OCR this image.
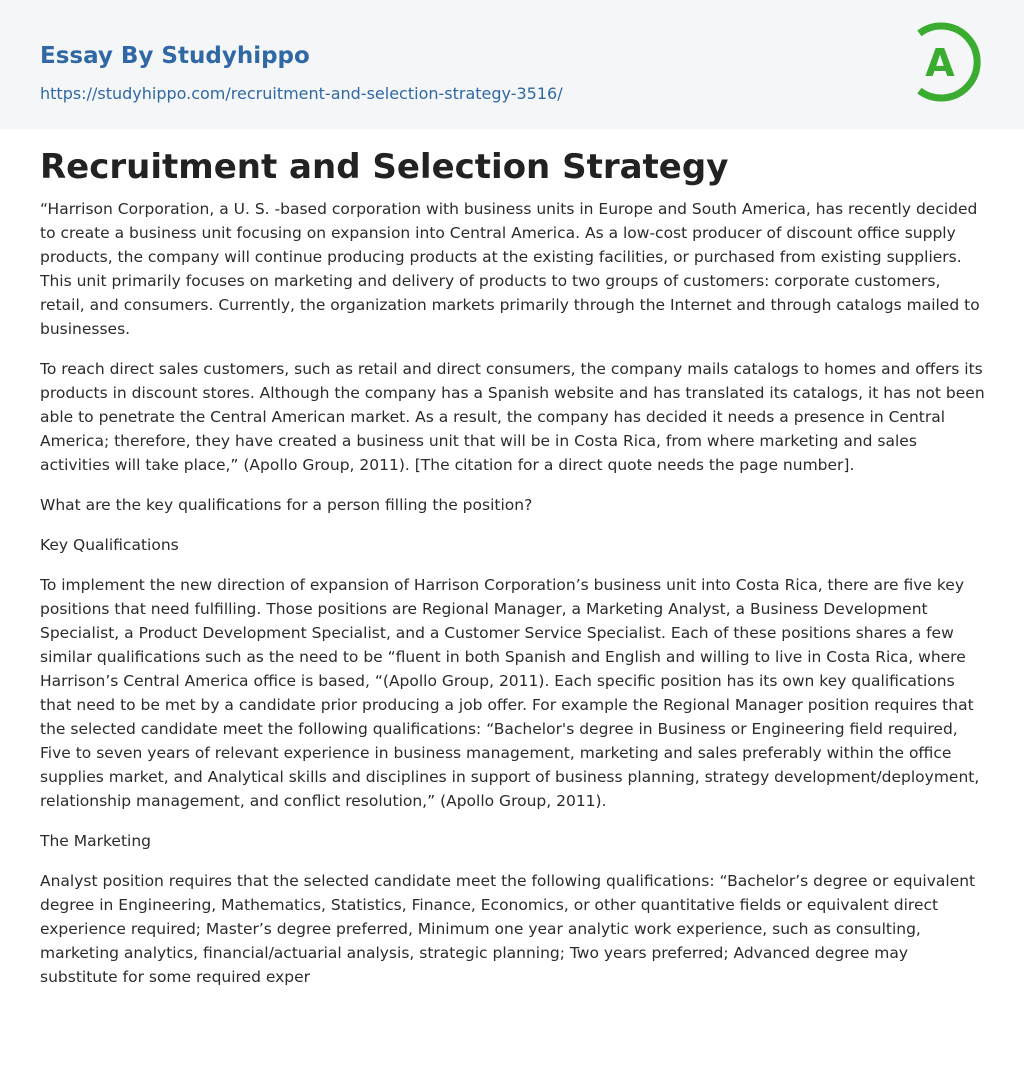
Essay By Studyhippo
https://studyhippo.com/recruitment-and-selection-strategy-3516/
A
Recruitment and Selection Strategy

“Harrison Corporation, a U. S. -based corporation with business units in Europe and South America, has recently decided to create a business unit focusing on expansion into Central America. As a low-cost producer of discount office supply products, the company will continue producing products at the existing facilities, or purchased from existing suppliers. This unit primarily focuses on marketing and delivery of products to two groups of customers: corporate customers, retail, and consumers. Currently, the organization markets primarily through the Internet and through catalogs mailed to businesses.

To reach direct sales customers, such as retail and direct consumers, the company mails catalogs to homes and offers its products in discount stores. Although the company has a Spanish website and has translated its catalogs, it has not been able to penetrate the Central American market. As a result, the company has decided it needs a presence in Central America; therefore, they have created a business unit that will be in Costa Rica, from where marketing and sales activities will take place,” (Apollo Group, 2011). [The citation for a direct quote needs the page number].

What are the key qualifications for a person filling the position?

Key Qualifications

To implement the new direction of expansion of Harrison Corporation’s business unit into Costa Rica, there are five key positions that need fulfilling. Those positions are Regional Manager, a Marketing Analyst, a Business Development Specialist, a Product Development Specialist, and a Customer Service Specialist. Each of these positions shares a few similar qualifications such as the need to be “fluent in both Spanish and English and willing to live in Costa Rica, where Harrison’s Central America office is based, “(Apollo Group, 2011). Each specific position has its own key qualifications that need to be met by a candidate prior producing a job offer. For example the Regional Manager position requires that the selected candidate meet the following qualifications: “Bachelor's degree in Business or Engineering field required, Five to seven years of relevant experience in business management, marketing and sales preferably within the office supplies market, and Analytical skills and disciplines in support of business planning, strategy development/deployment, relationship management, and conflict resolution,” (Apollo Group, 2011).

The Marketing

Analyst position requires that the selected candidate meet the following qualifications: “Bachelor’s degree or equivalent degree in Engineering, Mathematics, Statistics, Finance, Economics, or other quantitative fields or equivalent direct experience required; Master’s degree preferred, Minimum one year analytic work experience, such as consulting, marketing analytics, financial/actuarial analysis, strategic planning; Two years preferred; Advanced degree may substitute for some required exper
